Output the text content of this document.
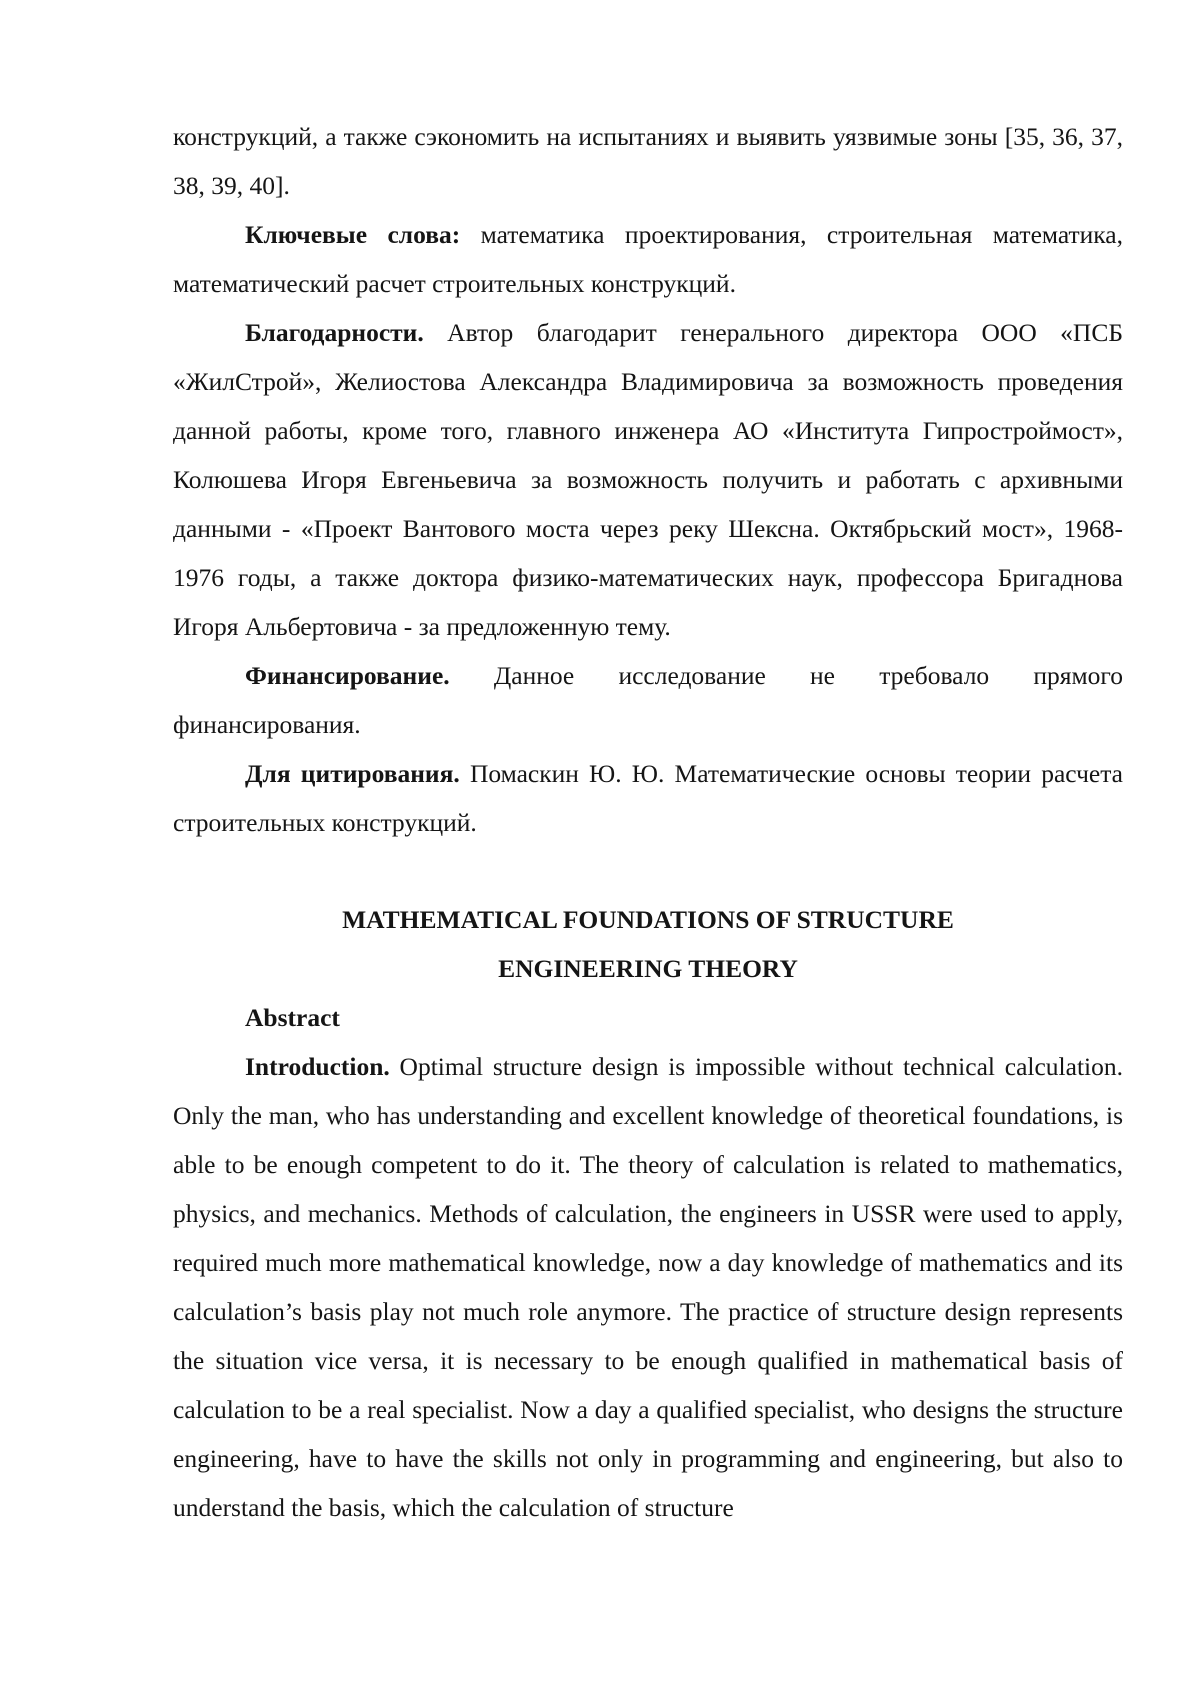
конструкций, а также сэкономить на испытаниях и выявить уязвимые зоны [35, 36, 37, 38, 39, 40].

Ключевые слова: математика проектирования, строительная математика, математический расчет строительных конструкций.

Благодарности. Автор благодарит генерального директора ООО «ПСБ «ЖилСтрой», Желиостова Александра Владимировича за возможность проведения данной работы, кроме того, главного инженера АО «Института Гипростроймост», Колюшева Игоря Евгеньевича за возможность получить и работать с архивными данными - «Проект Вантового моста через реку Шексна. Октябрьский мост», 1968-1976 годы, а также доктора физико-математических наук, профессора Бригаднова Игоря Альбертовича - за предложенную тему.

Финансирование. Данное исследование не требовало прямого финансирования.

Для цитирования. Помаскин Ю. Ю. Математические основы теории расчета строительных конструкций.

MATHEMATICAL FOUNDATIONS OF STRUCTURE

ENGINEERING THEORY

Abstract

Introduction. Optimal structure design is impossible without technical calculation. Only the man, who has understanding and excellent knowledge of theoretical foundations, is able to be enough competent to do it. The theory of calculation is related to mathematics, physics, and mechanics. Methods of calculation, the engineers in USSR were used to apply, required much more mathematical knowledge, now a day knowledge of mathematics and its calculation’s basis play not much role anymore. The practice of structure design represents the situation vice versa, it is necessary to be enough qualified in mathematical basis of calculation to be a real specialist. Now a day a qualified specialist, who designs the structure engineering, have to have the skills not only in programming and engineering, but also to understand the basis, which the calculation of structure
